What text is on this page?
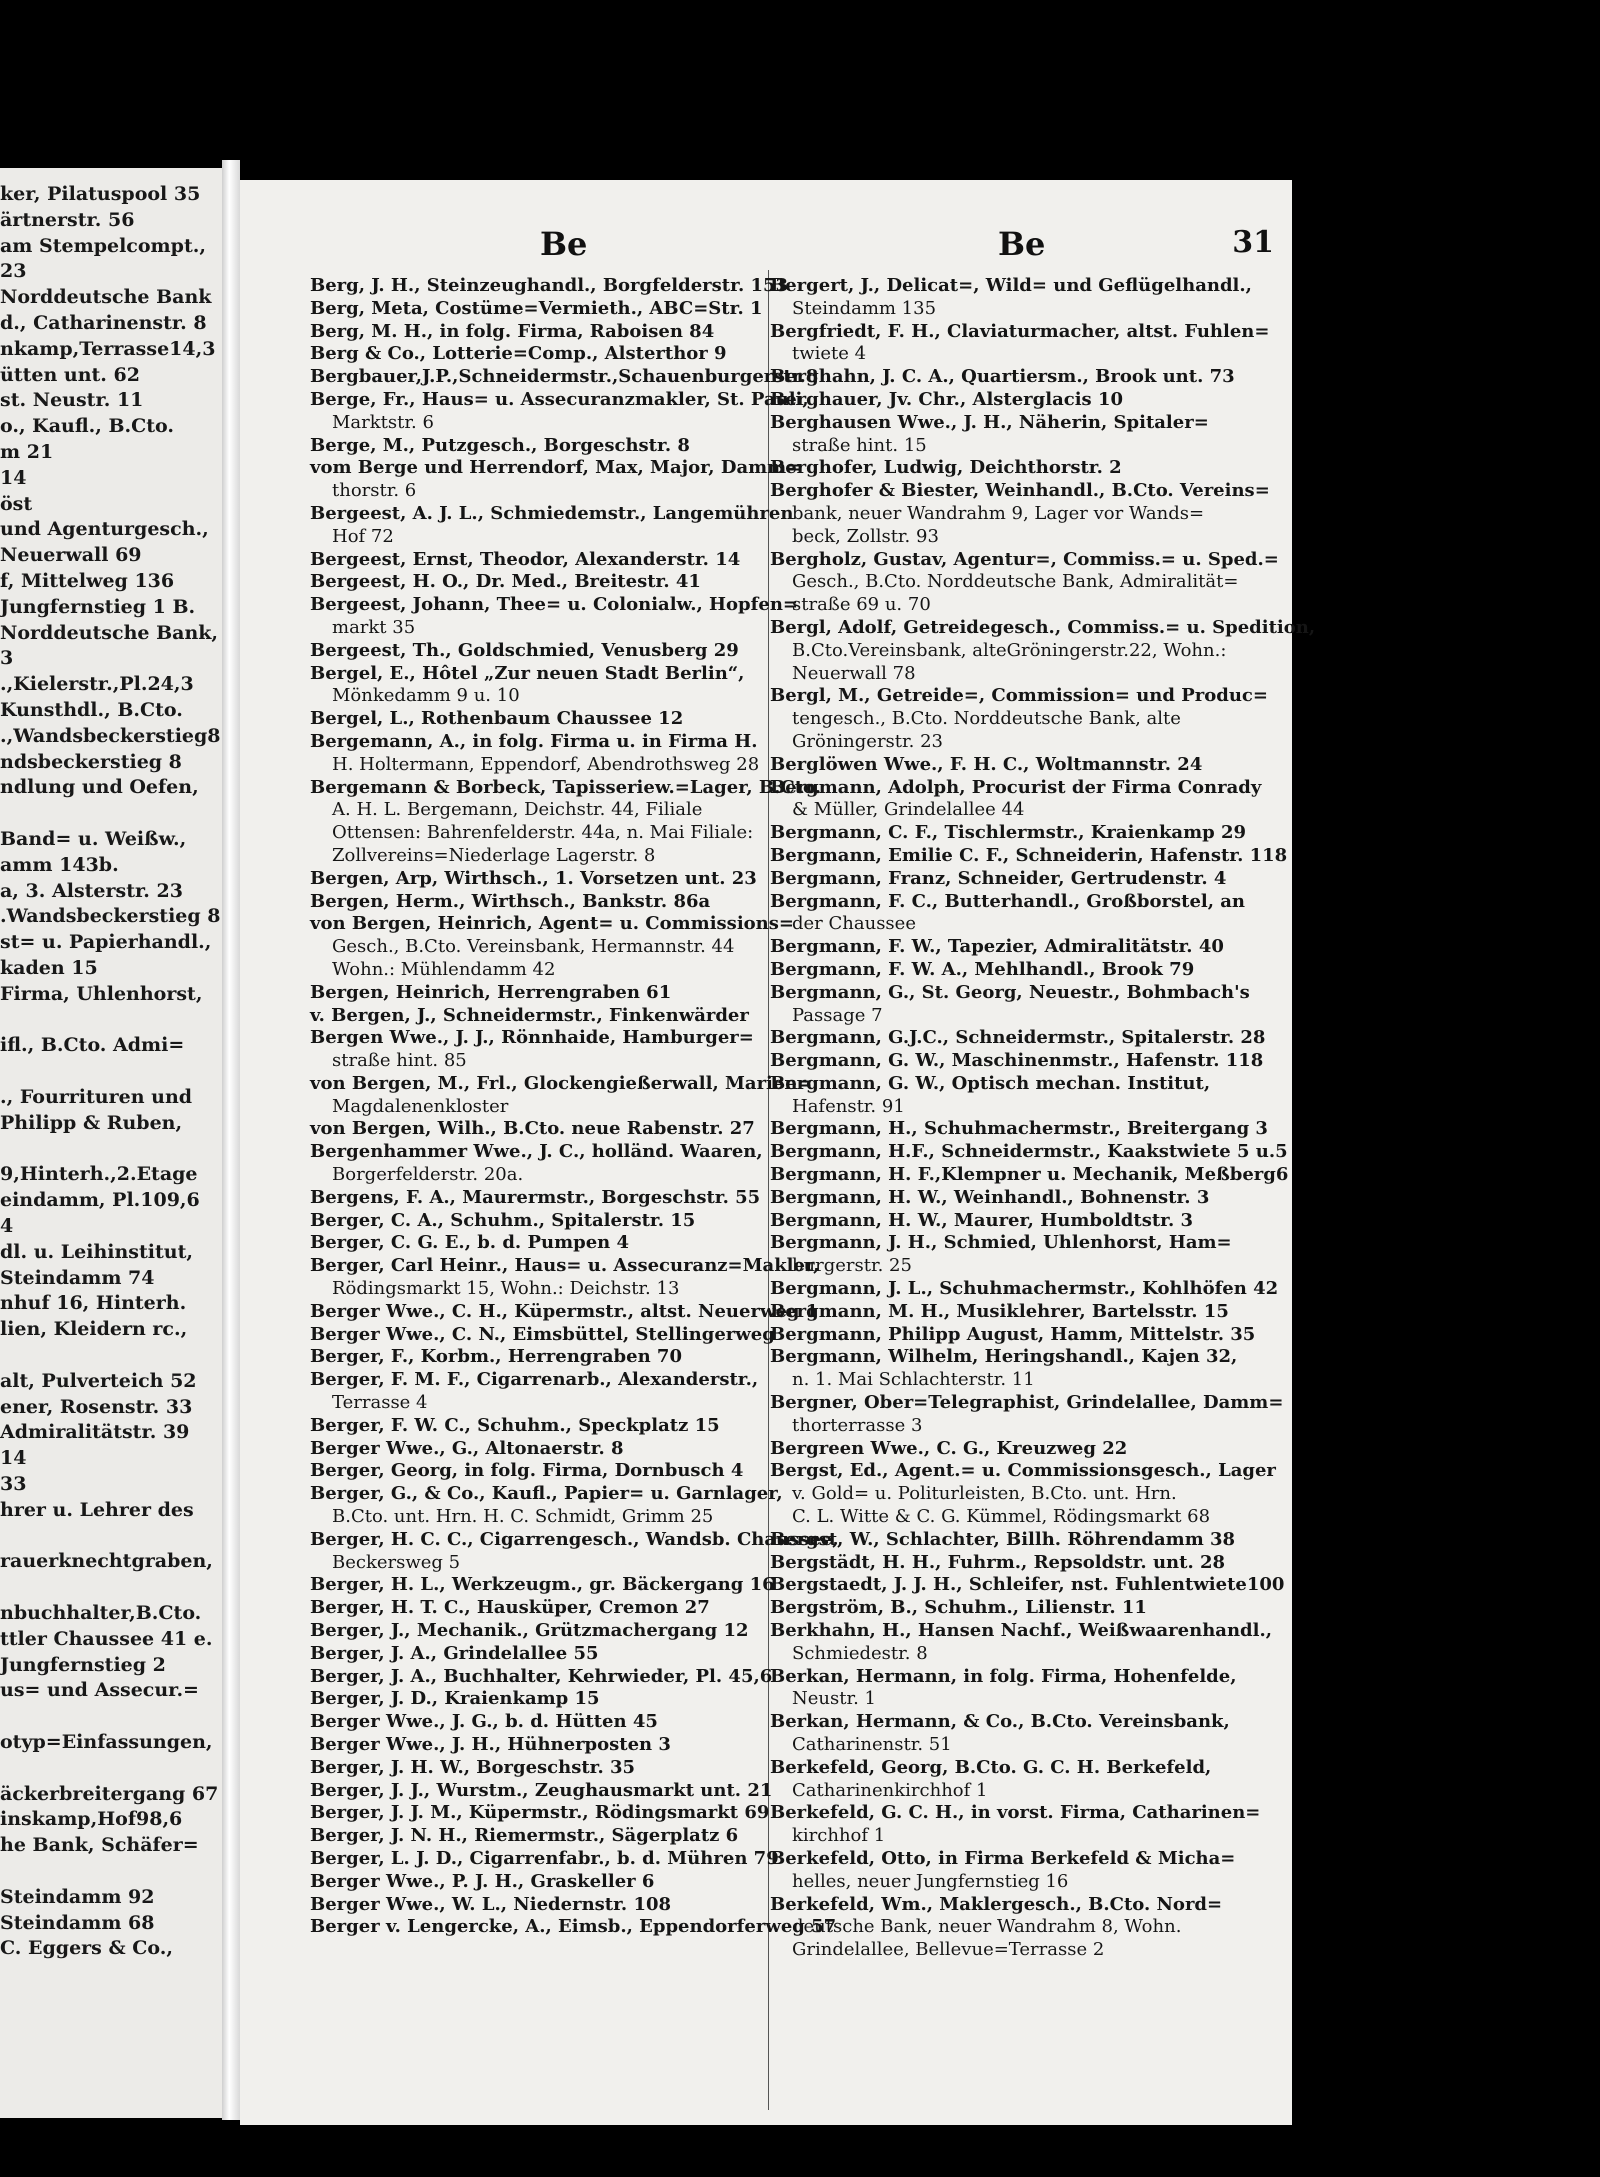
ker, Pilatuspool 35
ärtnerstr. 56
am Stempelcompt.,
23
Norddeutsche Bank
d., Catharinenstr. 8
nkamp,Terrasse14,3
ütten unt. 62
st. Neustr. 11
o., Kaufl., B.Cto.
m 21
14
öst
und Agenturgesch.,
Neuerwall 69
f, Mittelweg 136
Jungfernstieg 1 B.
Norddeutsche Bank,
3
.,Kielerstr.,Pl.24,3
Kunsthdl., B.Cto.
.,Wandsbeckerstieg8
ndsbeckerstieg 8
ndlung und Oefen,
Band= u. Weißw.,
amm 143b.
a, 3. Alsterstr. 23
.Wandsbeckerstieg 8
st= u. Papierhandl.,
kaden 15
Firma, Uhlenhorst,
ifl., B.Cto. Admi=
., Fourrituren und
Philipp & Ruben,
9,Hinterh.,2.Etage
eindamm, Pl.109,6
4
dl. u. Leihinstitut,
Steindamm 74
nhuf 16, Hinterh.
lien, Kleidern rc.,
alt, Pulverteich 52
ener, Rosenstr. 33
Admiralitätstr. 39
14
33
hrer u. Lehrer des
rauerknechtgraben,
nbuchhalter,B.Cto.
ttler Chaussee 41 e.
Jungfernstieg 2
us= und Assecur.=
otyp=Einfassungen,
äckerbreitergang 67
inskamp,Hof98,6
he Bank, Schäfer=
Steindamm 92
Steindamm 68
C. Eggers & Co.,
Be	Be	31
Berg, J. H., Steinzeughandl., Borgfelderstr. 153
Berg, Meta, Costüme=Vermieth., ABC=Str. 1
Berg, M. H., in folg. Firma, Raboisen 84
Berg & Co., Lotterie=Comp., Alsterthor 9
Bergbauer,J.P.,Schneidermstr.,Schauenburgerstr.8
Berge, Fr., Haus= u. Assecuranzmakler, St. Pauli,
Marktstr. 6
Berge, M., Putzgesch., Borgeschstr. 8
vom Berge und Herrendorf, Max, Major, Damm=
thorstr. 6
Bergeest, A. J. L., Schmiedemstr., Langemühren
Hof 72
Bergeest, Ernst, Theodor, Alexanderstr. 14
Bergeest, H. O., Dr. Med., Breitestr. 41
Bergeest, Johann, Thee= u. Colonialw., Hopfen=
markt 35
Bergeest, Th., Goldschmied, Venusberg 29
Bergel, E., Hôtel „Zur neuen Stadt Berlin“,
Mönkedamm 9 u. 10
Bergel, L., Rothenbaum Chaussee 12
Bergemann, A., in folg. Firma u. in Firma H.
H. Holtermann, Eppendorf, Abendrothsweg 28
Bergemann & Borbeck, Tapisseriew.=Lager, B.Cto.
A. H. L. Bergemann, Deichstr. 44, Filiale
Ottensen: Bahrenfelderstr. 44a, n. Mai Filiale:
Zollvereins=Niederlage Lagerstr. 8
Bergen, Arp, Wirthsch., 1. Vorsetzen unt. 23
Bergen, Herm., Wirthsch., Bankstr. 86a
von Bergen, Heinrich, Agent= u. Commissions=
Gesch., B.Cto. Vereinsbank, Hermannstr. 44
Wohn.: Mühlendamm 42
Bergen, Heinrich, Herrengraben 61
v. Bergen, J., Schneidermstr., Finkenwärder
Bergen Wwe., J. J., Rönnhaide, Hamburger=
straße hint. 85
von Bergen, M., Frl., Glockengießerwall, Marien=
Magdalenenkloster
von Bergen, Wilh., B.Cto. neue Rabenstr. 27
Bergenhammer Wwe., J. C., holländ. Waaren,
Borgerfelderstr. 20a.
Bergens, F. A., Maurermstr., Borgeschstr. 55
Berger, C. A., Schuhm., Spitalerstr. 15
Berger, C. G. E., b. d. Pumpen 4
Berger, Carl Heinr., Haus= u. Assecuranz=Makler,
Rödingsmarkt 15, Wohn.: Deichstr. 13
Berger Wwe., C. H., Küpermstr., altst. Neuerweg 1
Berger Wwe., C. N., Eimsbüttel, Stellingerweg
Berger, F., Korbm., Herrengraben 70
Berger, F. M. F., Cigarrenarb., Alexanderstr.,
Terrasse 4
Berger, F. W. C., Schuhm., Speckplatz 15
Berger Wwe., G., Altonaerstr. 8
Berger, Georg, in folg. Firma, Dornbusch 4
Berger, G., & Co., Kaufl., Papier= u. Garnlager,
B.Cto. unt. Hrn. H. C. Schmidt, Grimm 25
Berger, H. C. C., Cigarrengesch., Wandsb. Chaussee,
Beckersweg 5
Berger, H. L., Werkzeugm., gr. Bäckergang 16
Berger, H. T. C., Hausküper, Cremon 27
Berger, J., Mechanik., Grützmachergang 12
Berger, J. A., Grindelallee 55
Berger, J. A., Buchhalter, Kehrwieder, Pl. 45,6
Berger, J. D., Kraienkamp 15
Berger Wwe., J. G., b. d. Hütten 45
Berger Wwe., J. H., Hühnerposten 3
Berger, J. H. W., Borgeschstr. 35
Berger, J. J., Wurstm., Zeughausmarkt unt. 21
Berger, J. J. M., Küpermstr., Rödingsmarkt 69
Berger, J. N. H., Riemermstr., Sägerplatz 6
Berger, L. J. D., Cigarrenfabr., b. d. Mühren 79
Berger Wwe., P. J. H., Graskeller 6
Berger Wwe., W. L., Niedernstr. 108
Berger v. Lengercke, A., Eimsb., Eppendorferweg 57
Bergert, J., Delicat=, Wild= und Geflügelhandl.,
Steindamm 135
Bergfriedt, F. H., Claviaturmacher, altst. Fuhlen=
twiete 4
Berghahn, J. C. A., Quartiersm., Brook unt. 73
Berghauer, Jv. Chr., Alsterglacis 10
Berghausen Wwe., J. H., Näherin, Spitaler=
straße hint. 15
Berghofer, Ludwig, Deichthorstr. 2
Berghofer & Biester, Weinhandl., B.Cto. Vereins=
bank, neuer Wandrahm 9, Lager vor Wands=
beck, Zollstr. 93
Bergholz, Gustav, Agentur=, Commiss.= u. Sped.=
Gesch., B.Cto. Norddeutsche Bank, Admiralität=
straße 69 u. 70
Bergl, Adolf, Getreidegesch., Commiss.= u. Spedition,
B.Cto.Vereinsbank, alteGröningerstr.22, Wohn.:
Neuerwall 78
Bergl, M., Getreide=, Commission= und Produc=
tengesch., B.Cto. Norddeutsche Bank, alte
Gröningerstr. 23
Berglöwen Wwe., F. H. C., Woltmannstr. 24
Bergmann, Adolph, Procurist der Firma Conrady
& Müller, Grindelallee 44
Bergmann, C. F., Tischlermstr., Kraienkamp 29
Bergmann, Emilie C. F., Schneiderin, Hafenstr. 118
Bergmann, Franz, Schneider, Gertrudenstr. 4
Bergmann, F. C., Butterhandl., Großborstel, an
der Chaussee
Bergmann, F. W., Tapezier, Admiralitätstr. 40
Bergmann, F. W. A., Mehlhandl., Brook 79
Bergmann, G., St. Georg, Neuestr., Bohmbach's
Passage 7
Bergmann, G.J.C., Schneidermstr., Spitalerstr. 28
Bergmann, G. W., Maschinenmstr., Hafenstr. 118
Bergmann, G. W., Optisch mechan. Institut,
Hafenstr. 91
Bergmann, H., Schuhmachermstr., Breitergang 3
Bergmann, H.F., Schneidermstr., Kaakstwiete 5 u.5
Bergmann, H. F.,Klempner u. Mechanik, Meßberg6
Bergmann, H. W., Weinhandl., Bohnenstr. 3
Bergmann, H. W., Maurer, Humboldtstr. 3
Bergmann, J. H., Schmied, Uhlenhorst, Ham=
burgerstr. 25
Bergmann, J. L., Schuhmachermstr., Kohlhöfen 42
Bergmann, M. H., Musiklehrer, Bartelsstr. 15
Bergmann, Philipp August, Hamm, Mittelstr. 35
Bergmann, Wilhelm, Heringshandl., Kajen 32,
n. 1. Mai Schlachterstr. 11
Bergner, Ober=Telegraphist, Grindelallee, Damm=
thorterrasse 3
Bergreen Wwe., C. G., Kreuzweg 22
Bergst, Ed., Agent.= u. Commissionsgesch., Lager
v. Gold= u. Politurleisten, B.Cto. unt. Hrn.
C. L. Witte & C. G. Kümmel, Rödingsmarkt 68
Bergst, W., Schlachter, Billh. Röhrendamm 38
Bergstädt, H. H., Fuhrm., Repsoldstr. unt. 28
Bergstaedt, J. J. H., Schleifer, nst. Fuhlentwiete100
Bergström, B., Schuhm., Lilienstr. 11
Berkhahn, H., Hansen Nachf., Weißwaarenhandl.,
Schmiedestr. 8
Berkan, Hermann, in folg. Firma, Hohenfelde,
Neustr. 1
Berkan, Hermann, & Co., B.Cto. Vereinsbank,
Catharinenstr. 51
Berkefeld, Georg, B.Cto. G. C. H. Berkefeld,
Catharinenkirchhof 1
Berkefeld, G. C. H., in vorst. Firma, Catharinen=
kirchhof 1
Berkefeld, Otto, in Firma Berkefeld & Micha=
helles, neuer Jungfernstieg 16
Berkefeld, Wm., Maklergesch., B.Cto. Nord=
deutsche Bank, neuer Wandrahm 8, Wohn.
Grindelallee, Bellevue=Terrasse 2
